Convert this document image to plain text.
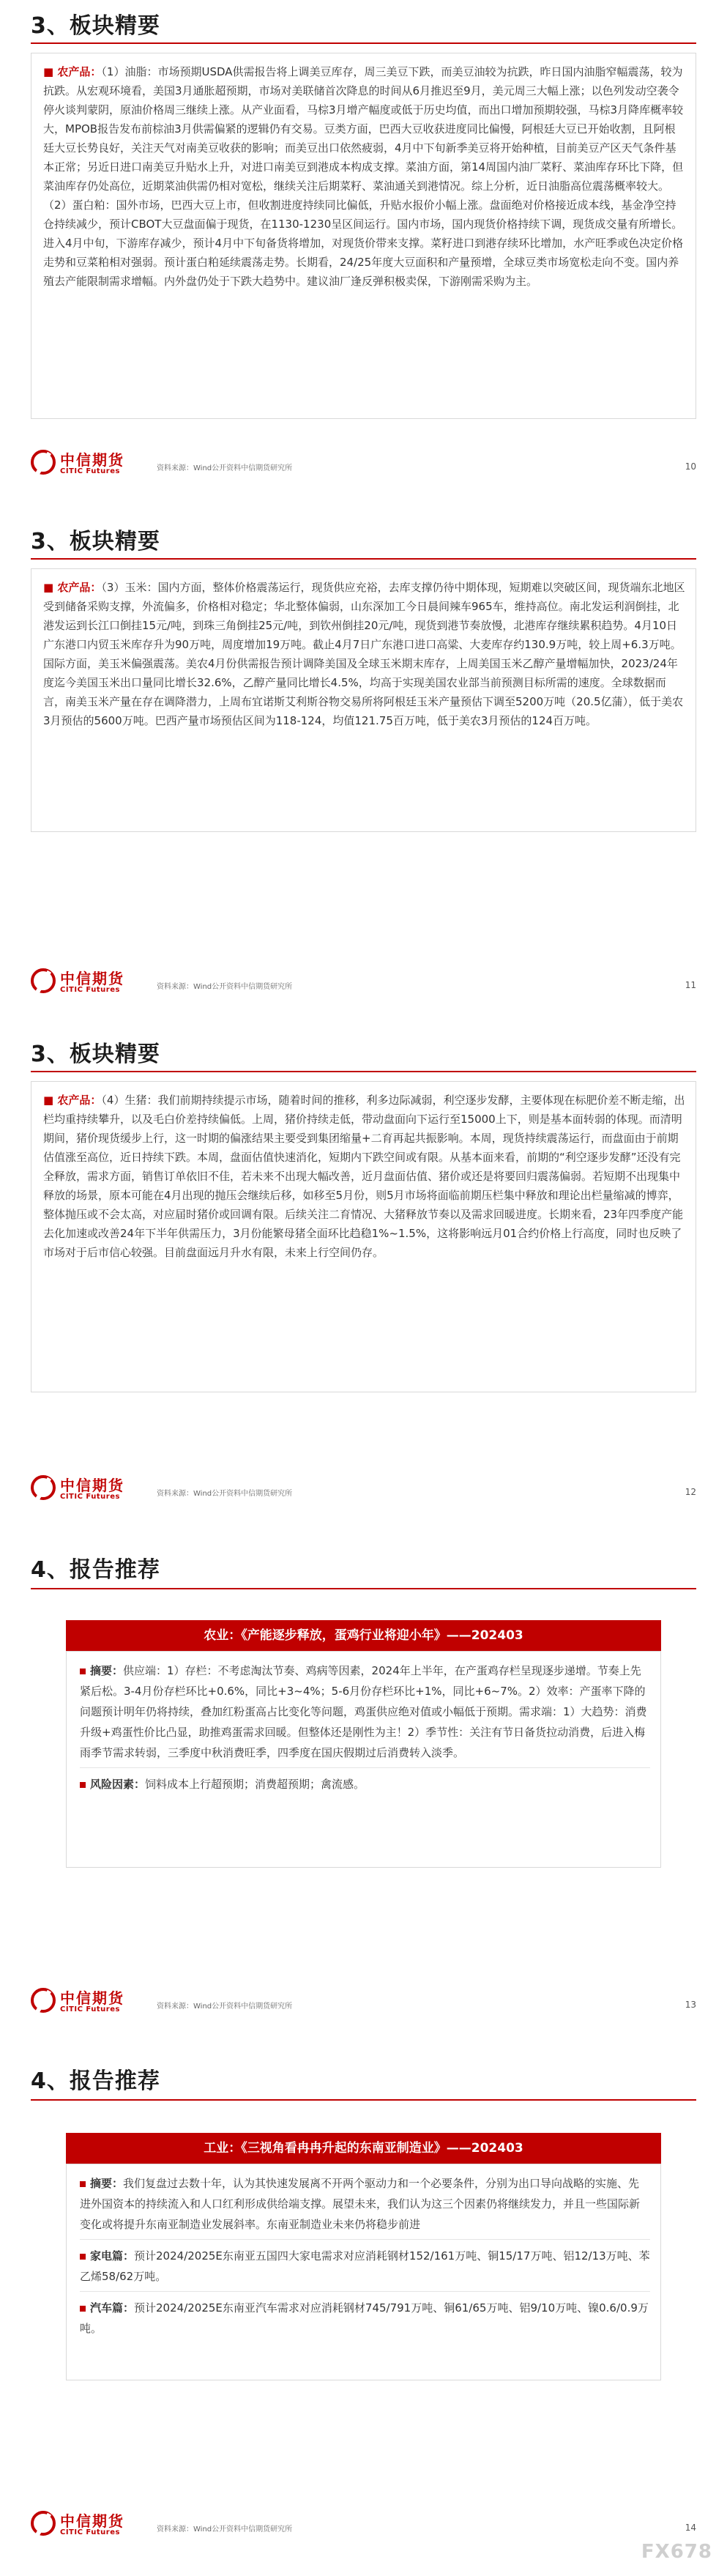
3、板块精要
■ 农产品：（1）油脂：市场预期USDA供需报告将上调美豆库存，周三美豆下跌，而美豆油较为抗跌，昨日国内油脂窄幅震荡，较为抗跌。从宏观环境看，美国3月通胀超预期，市场对美联储首次降息的时间从6月推迟至9月，美元周三大幅上涨；以色列发动空袭令停火谈判蒙阴，原油价格周三继续上涨。从产业面看，马棕3月增产幅度或低于历史均值，而出口增加预期较强，马棕3月降库概率较大，MPOB报告发布前棕油3月供需偏紧的逻辑仍有交易。豆类方面，巴西大豆收获进度同比偏慢，阿根廷大豆已开始收割，且阿根廷大豆长势良好，关注天气对南美豆收获的影响；而美豆出口依然疲弱，4月中下旬新季美豆将开始种植，目前美豆产区天气条件基本正常；另近日进口南美豆升贴水上升，对进口南美豆到港成本构成支撑。菜油方面，第14周国内油厂菜籽、菜油库存环比下降，但菜油库存仍处高位，近期菜油供需仍相对宽松，继续关注后期菜籽、菜油通关到港情况。综上分析，近日油脂高位震荡概率较大。（2）蛋白粕：国外市场，巴西大豆上市，但收割进度持续同比偏低，升贴水报价小幅上涨。盘面绝对价格接近成本线，基金净空持仓持续减少，预计CBOT大豆盘面偏于现货，在1130-1230呈区间运行。国内市场，国内现货价格持续下调，现货成交量有所增长。进入4月中旬，下游库存减少，预计4月中下旬备货将增加，对现货价带来支撑。菜籽进口到港存续环比增加，水产旺季或色决定价格走势和豆菜粕相对强弱。预计蛋白粕延续震荡走势。长期看，24/25年度大豆面积和产量预增，全球豆类市场宽松走向不变。国内养殖去产能限制需求增幅。内外盘仍处于下跌大趋势中。建议油厂逢反弹积极卖保，下游刚需采购为主。
中信期货
CITIC Futures	资料来源：Wind公开资料中信期货研究所	10
3、板块精要
■ 农产品：（3）玉米：国内方面，整体价格震荡运行，现货供应充裕，去库支撑仍待中期体现，短期难以突破区间，现货端东北地区受到储备采购支撑，外流偏多，价格相对稳定；华北整体偏弱，山东深加工今日晨间辣车965车，维持高位。南北发运利润倒挂，北港发运到长江口倒挂15元/吨，到珠三角倒挂25元/吨，到钦州倒挂20元/吨，现货到港节奏放慢，北港库存继续累积趋势。4月10日广东港口内贸玉米库存升为90万吨，周度增加19万吨。截止4月7日广东港口进口高粱、大麦库存约130.9万吨，较上周+6.3万吨。国际方面，美玉米偏强震荡。美农4月份供需报告预计调降美国及全球玉米期末库存，上周美国玉米乙醇产量增幅加快，2023/24年度迄今美国玉米出口量同比增长32.6%，乙醇产量同比增长4.5%，均高于实现美国农业部当前预测目标所需的速度。全球数据而言，南美玉米产量在存在调降潜力，上周布宜诺斯艾利斯谷物交易所将阿根廷玉米产量预估下调至5200万吨（20.5亿蒲），低于美农3月预估的5600万吨。巴西产量市场预估区间为118-124，均值121.75百万吨，低于美农3月预估的124百万吨。
中信期货
CITIC Futures	资料来源：Wind公开资料中信期货研究所	11
3、板块精要
■ 农产品：（4）生猪：我们前期持续提示市场，随着时间的推移，利多边际减弱，利空逐步发酵，主要体现在标肥价差不断走缩，出栏均重持续攀升，以及毛白价差持续偏低。上周，猪价持续走低，带动盘面向下运行至15000上下，则是基本面转弱的体现。而清明期间，猪价现货缓步上行，这一时期的偏涨结果主要受到集团缩量+二育再起共振影响。本周，现货持续震荡运行，而盘面由于前期估值涨至高位，近日持续下跌。本周，盘面估值快速消化，短期内下跌空间或有限。从基本面来看，前期的“利空逐步发酵”还没有完全释放，需求方面，销售订单依旧不佳，若未来不出现大幅改善，近月盘面估值、猪价或还是将要回归震荡偏弱。若短期不出现集中释放的场景，原本可能在4月出现的抛压会继续后移，如移至5月份，则5月市场将面临前期压栏集中释放和理论出栏量缩减的博弈，整体抛压或不会太高，对应届时猪价或回调有限。后续关注二育情况、大猪释放节奏以及需求回暖进度。长期来看，23年四季度产能去化加速或改善24年下半年供需压力，3月份能繁母猪全面环比趋稳1%~1.5%，这将影响远月01合约价格上行高度，同时也反映了市场对于后市信心较强。目前盘面远月升水有限，未来上行空间仍存。
中信期货
CITIC Futures	资料来源：Wind公开资料中信期货研究所	12
4、报告推荐
农业：《产能逐步释放，蛋鸡行业将迎小年》——202403

摘要：供应端：1）存栏：不考虑淘汰节奏、鸡病等因素，2024年上半年，在产蛋鸡存栏呈现逐步递增。节奏上先紧后松。3-4月份存栏环比+0.6%，同比+3~4%；5-6月份存栏环比+1%，同比+6~7%。2）效率：产蛋率下降的问题预计明年仍将持续，叠加红粉蛋高占比变化等问题，鸡蛋供应绝对值或小幅低于预期。需求端：1）大趋势：消费升级+鸡蛋性价比凸显，助推鸡蛋需求回暖。但整体还是刚性为主！2）季节性：关注有节日备货拉动消费，后进入梅雨季节需求转弱，三季度中秋消费旺季，四季度在国庆假期过后消费转入淡季。

风险因素：饲料成本上行超预期；消费超预期；禽流感。

中信期货
CITIC Futures	资料来源：Wind公开资料中信期货研究所	13
4、报告推荐
工业：《三视角看冉冉升起的东南亚制造业》——202403

摘要：我们复盘过去数十年，认为其快速发展离不开两个驱动力和一个必要条件，分别为出口导向战略的实施、先进外国资本的持续流入和人口红利形成供给端支撑。展望未来，我们认为这三个因素仍将继续发力，并且一些国际新变化或将提升东南亚制造业发展斜率。东南亚制造业未来仍将稳步前进

家电篇：预计2024/2025E东南亚五国四大家电需求对应消耗钢材152/161万吨、铜15/17万吨、铝12/13万吨、苯乙烯58/62万吨。

汽车篇：预计2024/2025E东南亚汽车需求对应消耗钢材745/791万吨、铜61/65万吨、铝9/10万吨、镍0.6/0.9万吨。

中信期货
CITIC Futures	资料来源：Wind公开资料中信期货研究所	14
FX678
